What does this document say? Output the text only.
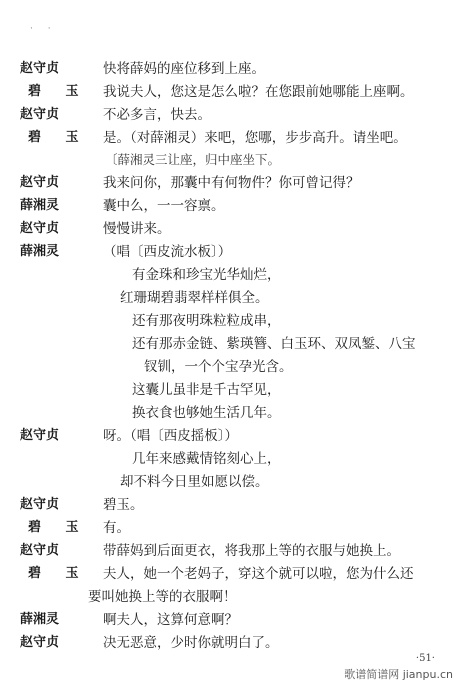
· ·
赵守贞	快将薛妈的座位移到上座。
碧 玉	我说夫人，您这是怎么啦？在您跟前她哪能上座啊。
赵守贞	不必多言，快去。
碧 玉	是。（对薛湘灵）来吧，您哪，步步高升。请坐吧。
〔薛湘灵三让座，归中座坐下。
赵守贞	我来问你，那囊中有何物件？你可曾记得？
薛湘灵	囊中么，一一容禀。
赵守贞	慢慢讲来。
薛湘灵	（唱〔西皮流水板〕）
有金珠和珍宝光华灿烂，
红珊瑚碧翡翠样样俱全。
还有那夜明珠粒粒成串，
还有那赤金链、紫瑛簪、白玉环、双凤錾、八宝
钗钏，一个个宝孕光含。
这囊儿虽非是千古罕见，
换衣食也够她生活几年。
赵守贞	呀。（唱〔西皮摇板〕）
几年来感戴情铭刻心上，
却不料今日里如愿以偿。
赵守贞	碧玉。
碧 玉	有。
赵守贞	带薛妈到后面更衣，将我那上等的衣服与她换上。
碧 玉	夫人，她一个老妈子，穿这个就可以啦，您为什么还
要叫她换上等的衣服啊！
薛湘灵	啊夫人，这算何意啊？
赵守贞	决无恶意，少时你就明白了。
·51·
歌谱简谱网 jianpu.cn
